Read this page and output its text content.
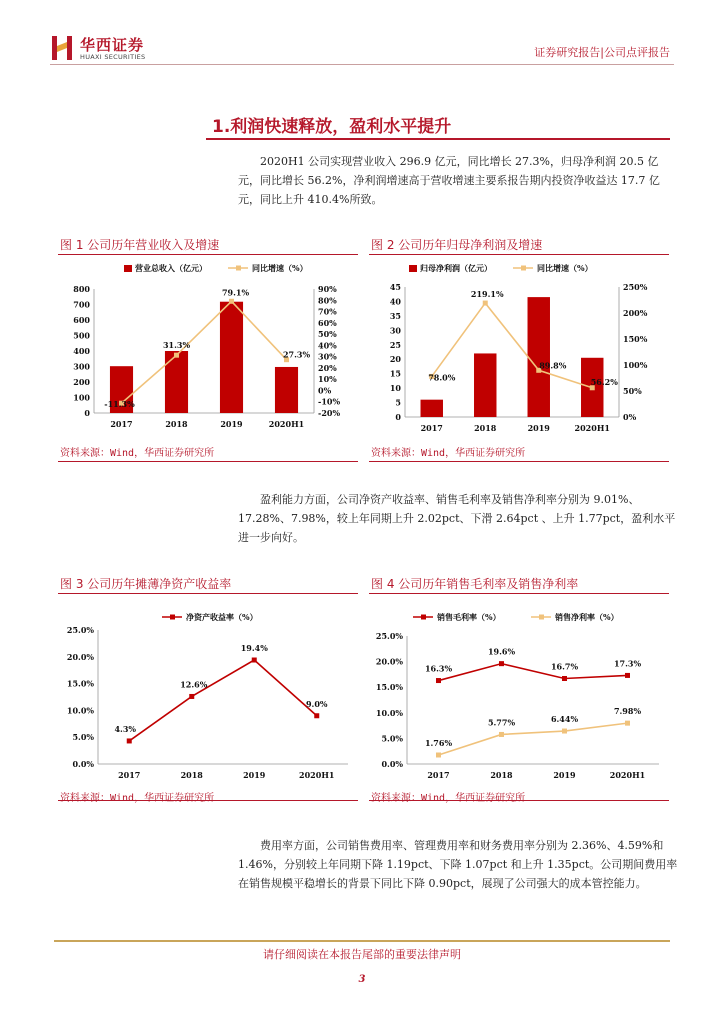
华西证券
HUAXI SECURITIES	证券研究报告|公司点评报告
1.利润快速释放，盈利水平提升
2020H1 公司实现营业收入 296.9 亿元，同比增长 27.3%，归母净利润 20.5 亿元，同比增长 56.2%，净利润增速高于营收增速主要系报告期内投资净收益达 17.7 亿元，同比上升 410.4%所致。
图 1 公司历年营业收入及增速	图 2 公司历年归母净利润及增速
0
100
200
300
400
500
600
700
800
-20%
-10%
0%
10%
20%
30%
40%
50%
60%
70%
80%
90%
2017	2018	2019	2020H1
营业总收入（亿元）	同比增速（%）
-11.3%
31.3%
79.1%
27.3%
资料来源：Wind，华西证券研究所
0
5
10
15
20
25
30
35
40
45
0%
50%
100%
150%
200%
250%
2017	2018	2019	2020H1
归母净利润（亿元）	同比增速（%）
78.0%
219.1%
89.8%
56.2%
资料来源：Wind，华西证券研究所
盈利能力方面，公司净资产收益率、销售毛利率及销售净利率分别为 9.01%、17.28%、7.98%，较上年同期上升 2.02pct、下滑 2.64pct 、上升 1.77pct，盈利水平进一步向好。
图 3 公司历年摊薄净资产收益率	图 4 公司历年销售毛利率及销售净利率
0.0%
5.0%
10.0%
15.0%
20.0%
25.0%
2017	2018	2019	2020H1
净资产收益率（%）
4.3%
12.6%
19.4%
9.0%
资料来源：Wind，华西证券研究所
0.0%
5.0%
10.0%
15.0%
20.0%
25.0%
2017	2018	2019	2020H1
销售毛利率（%）	销售净利率（%）
16.3%
19.6%
16.7%	17.3%
1.76%
5.77%	6.44%
7.98%
资料来源：Wind，华西证券研究所
费用率方面，公司销售费用率、管理费用率和财务费用率分别为 2.36%、4.59%和 1.46%，分别较上年同期下降 1.19pct、下降 1.07pct 和上升 1.35pct。公司期间费用率在销售规模平稳增长的背景下同比下降 0.90pct，展现了公司强大的成本管控能力。
请仔细阅读在本报告尾部的重要法律声明
3
